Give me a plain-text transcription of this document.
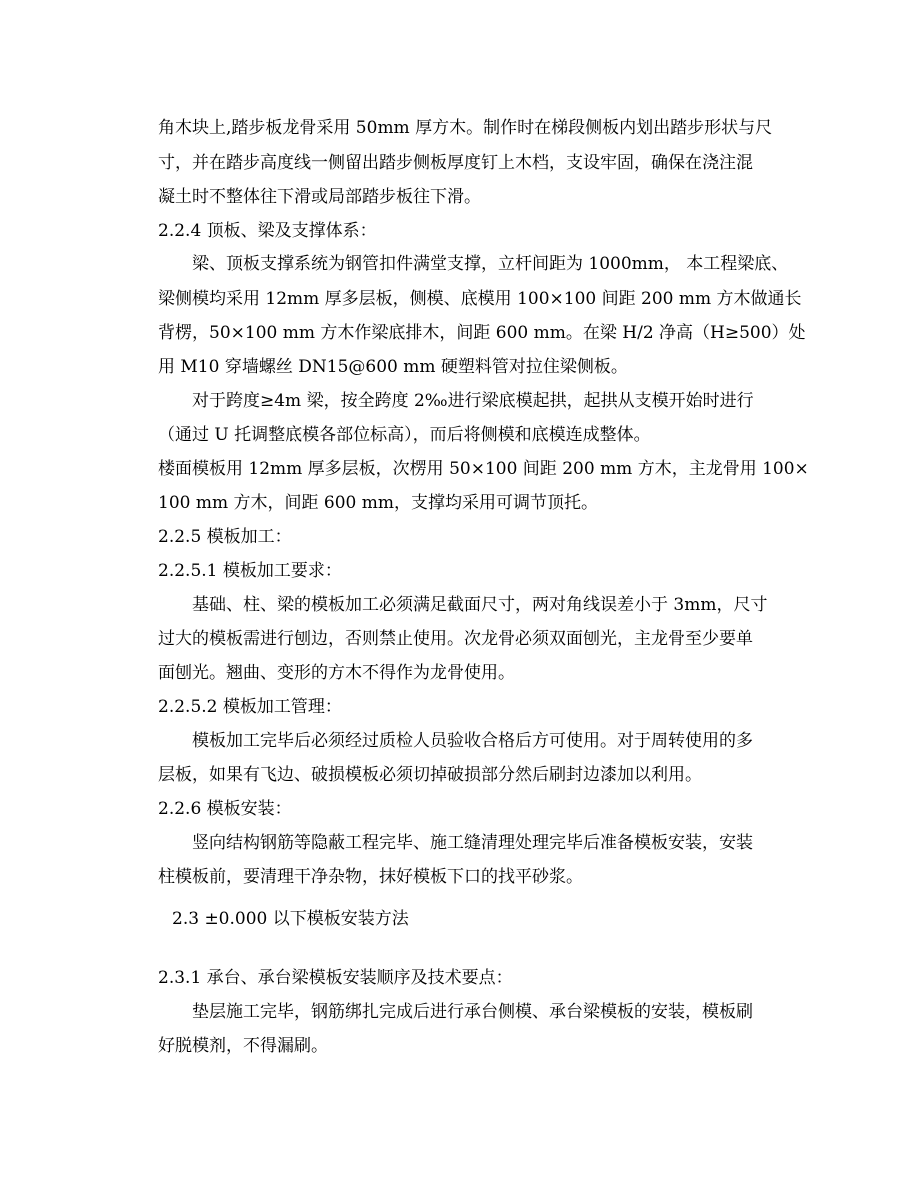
角木块上,踏步板龙骨采用 50mm 厚方木。制作时在梯段侧板内划出踏步形状与尺
寸，并在踏步高度线一侧留出踏步侧板厚度钉上木档，支设牢固，确保在浇注混
凝土时不整体往下滑或局部踏步板往下滑。
2.2.4 顶板、梁及支撑体系：
梁、顶板支撑系统为钢管扣件满堂支撑，立杆间距为 1000mm， 本工程梁底、
梁侧模均采用 12mm 厚多层板，侧模、底模用 100×100 间距 200 mm 方木做通长
背楞，50×100 mm 方木作梁底排木，间距 600 mm。在梁 H/2 净高（H≥500）处
用 M10 穿墙螺丝 DN15@600 mm 硬塑料管对拉住梁侧板。
对于跨度≥4m 梁，按全跨度 2‰进行梁底模起拱，起拱从支模开始时进行
（通过 U 托调整底模各部位标高），而后将侧模和底模连成整体。
楼面模板用 12mm 厚多层板，次楞用 50×100 间距 200 mm 方木，主龙骨用 100×
100 mm 方木，间距 600 mm，支撑均采用可调节顶托。
2.2.5 模板加工：
2.2.5.1 模板加工要求：
基础、柱、梁的模板加工必须满足截面尺寸，两对角线误差小于 3mm，尺寸
过大的模板需进行刨边，否则禁止使用。次龙骨必须双面刨光，主龙骨至少要单
面刨光。翘曲、变形的方木不得作为龙骨使用。
2.2.5.2 模板加工管理：
模板加工完毕后必须经过质检人员验收合格后方可使用。对于周转使用的多
层板，如果有飞边、破损模板必须切掉破损部分然后刷封边漆加以利用。
2.2.6 模板安装：
竖向结构钢筋等隐蔽工程完毕、施工缝清理处理完毕后准备模板安装，安装
柱模板前，要清理干净杂物，抹好模板下口的找平砂浆。
2.3 ±0.000 以下模板安装方法
2.3.1 承台、承台梁模板安装顺序及技术要点：
垫层施工完毕，钢筋绑扎完成后进行承台侧模、承台梁模板的安装，模板刷
好脱模剂，不得漏刷。
